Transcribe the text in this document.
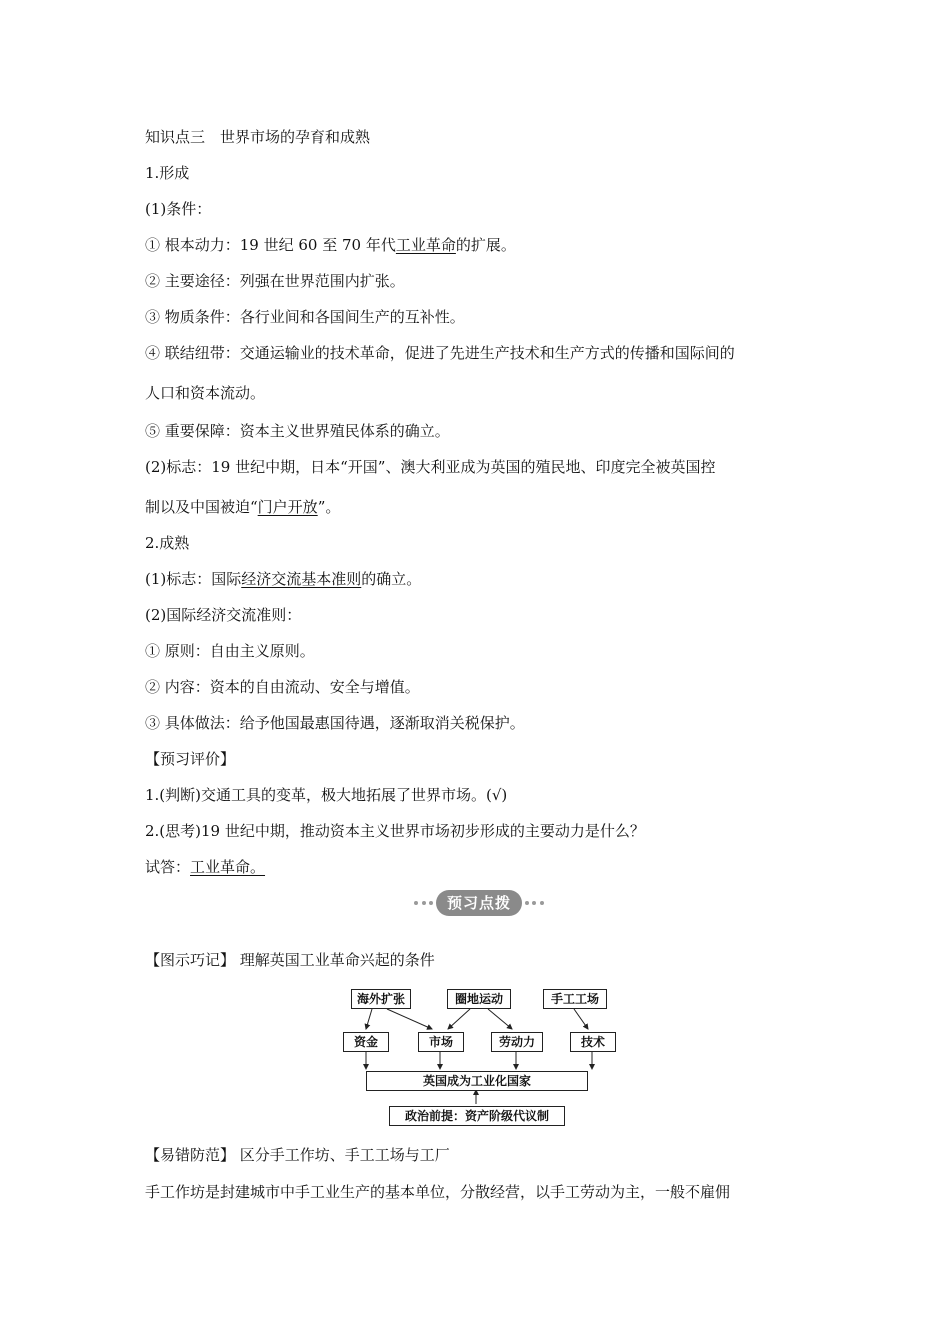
知识点三　世界市场的孕育和成熟
1.形成
(1)条件：
① 根本动力：19 世纪 60 至 70 年代工业革命的扩展。
② 主要途径：列强在世界范围内扩张。
③ 物质条件：各行业间和各国间生产的互补性。
④ 联结纽带：交通运输业的技术革命，促进了先进生产技术和生产方式的传播和国际间的
人口和资本流动。
⑤ 重要保障：资本主义世界殖民体系的确立。
(2)标志：19 世纪中期，日本“开国”、澳大利亚成为英国的殖民地、印度完全被英国控
制以及中国被迫“门户开放”。
2.成熟
(1)标志：国际经济交流基本准则的确立。
(2)国际经济交流准则：
① 原则：自由主义原则。
② 内容：资本的自由流动、安全与增值。
③ 具体做法：给予他国最惠国待遇，逐渐取消关税保护。
【预习评价】
1.(判断)交通工具的变革，极大地拓展了世界市场。(√)
2.(思考)19 世纪中期，推动资本主义世界市场初步形成的主要动力是什么？
试答：工业革命。
预习点拨
【图示巧记】 理解英国工业革命兴起的条件
海外扩张	圈地运动	手工工场
资金	市场	劳动力	技术
英国成为工业化国家
政治前提：资产阶级代议制
【易错防范】 区分手工作坊、手工工场与工厂
手工作坊是封建城市中手工业生产的基本单位，分散经营，以手工劳动为主，一般不雇佣
